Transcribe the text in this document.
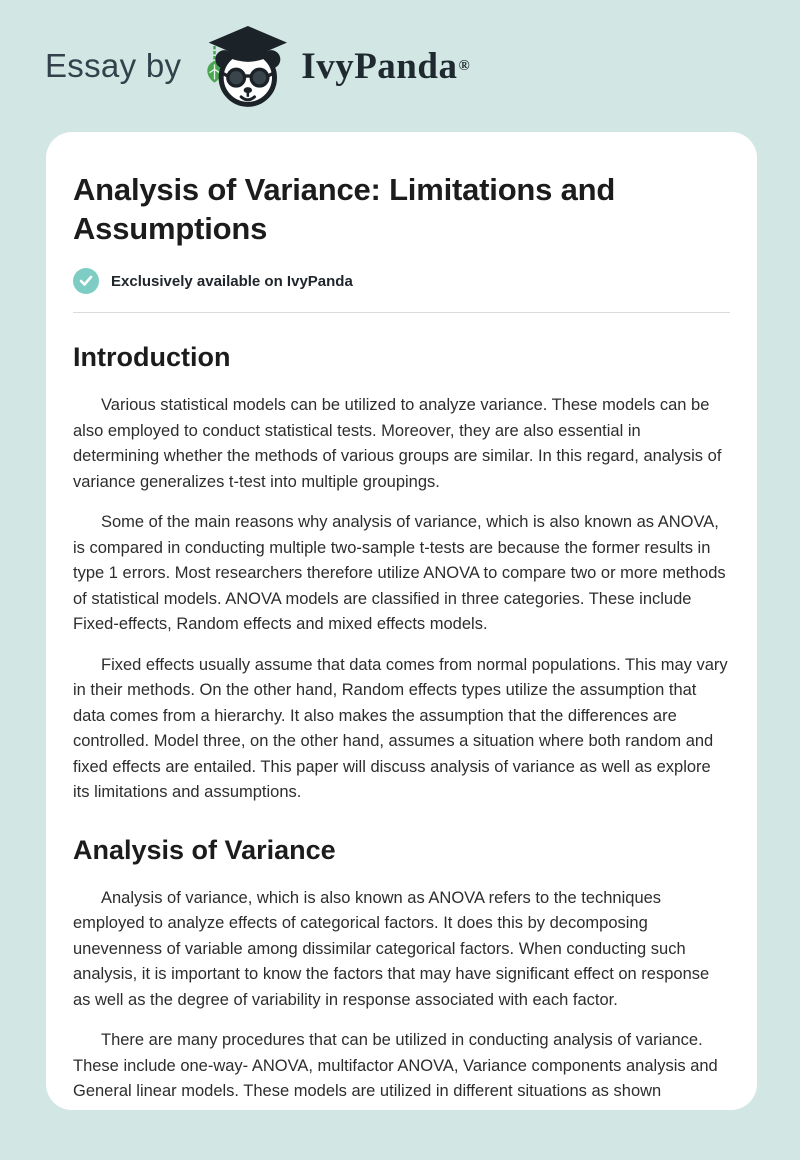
Essay by	IvyPanda ®
Analysis of Variance: Limitations and Assumptions
Exclusively available on IvyPanda
Introduction

Various statistical models can be utilized to analyze variance. These models can be also employed to conduct statistical tests. Moreover, they are also essential in determining whether the methods of various groups are similar. In this regard, analysis of variance generalizes t-test into multiple groupings.

Some of the main reasons why analysis of variance, which is also known as ANOVA, is compared in conducting multiple two-sample t-tests are because the former results in type 1 errors. Most researchers therefore utilize ANOVA to compare two or more methods of statistical models. ANOVA models are classified in three categories. These include Fixed-effects, Random effects and mixed effects models.

Fixed effects usually assume that data comes from normal populations. This may vary in their methods. On the other hand, Random effects types utilize the assumption that data comes from a hierarchy. It also makes the assumption that the differences are controlled. Model three, on the other hand, assumes a situation where both random and fixed effects are entailed. This paper will discuss analysis of variance as well as explore its limitations and assumptions.

Analysis of Variance

Analysis of variance, which is also known as ANOVA refers to the techniques employed to analyze effects of categorical factors. It does this by decomposing unevenness of variable among dissimilar categorical factors. When conducting such analysis, it is important to know the factors that may have significant effect on response as well as the degree of variability in response associated with each factor.

There are many procedures that can be utilized in conducting analysis of variance. These include one-way- ANOVA, multifactor ANOVA, Variance components analysis and General linear models. These models are utilized in different situations as shown
